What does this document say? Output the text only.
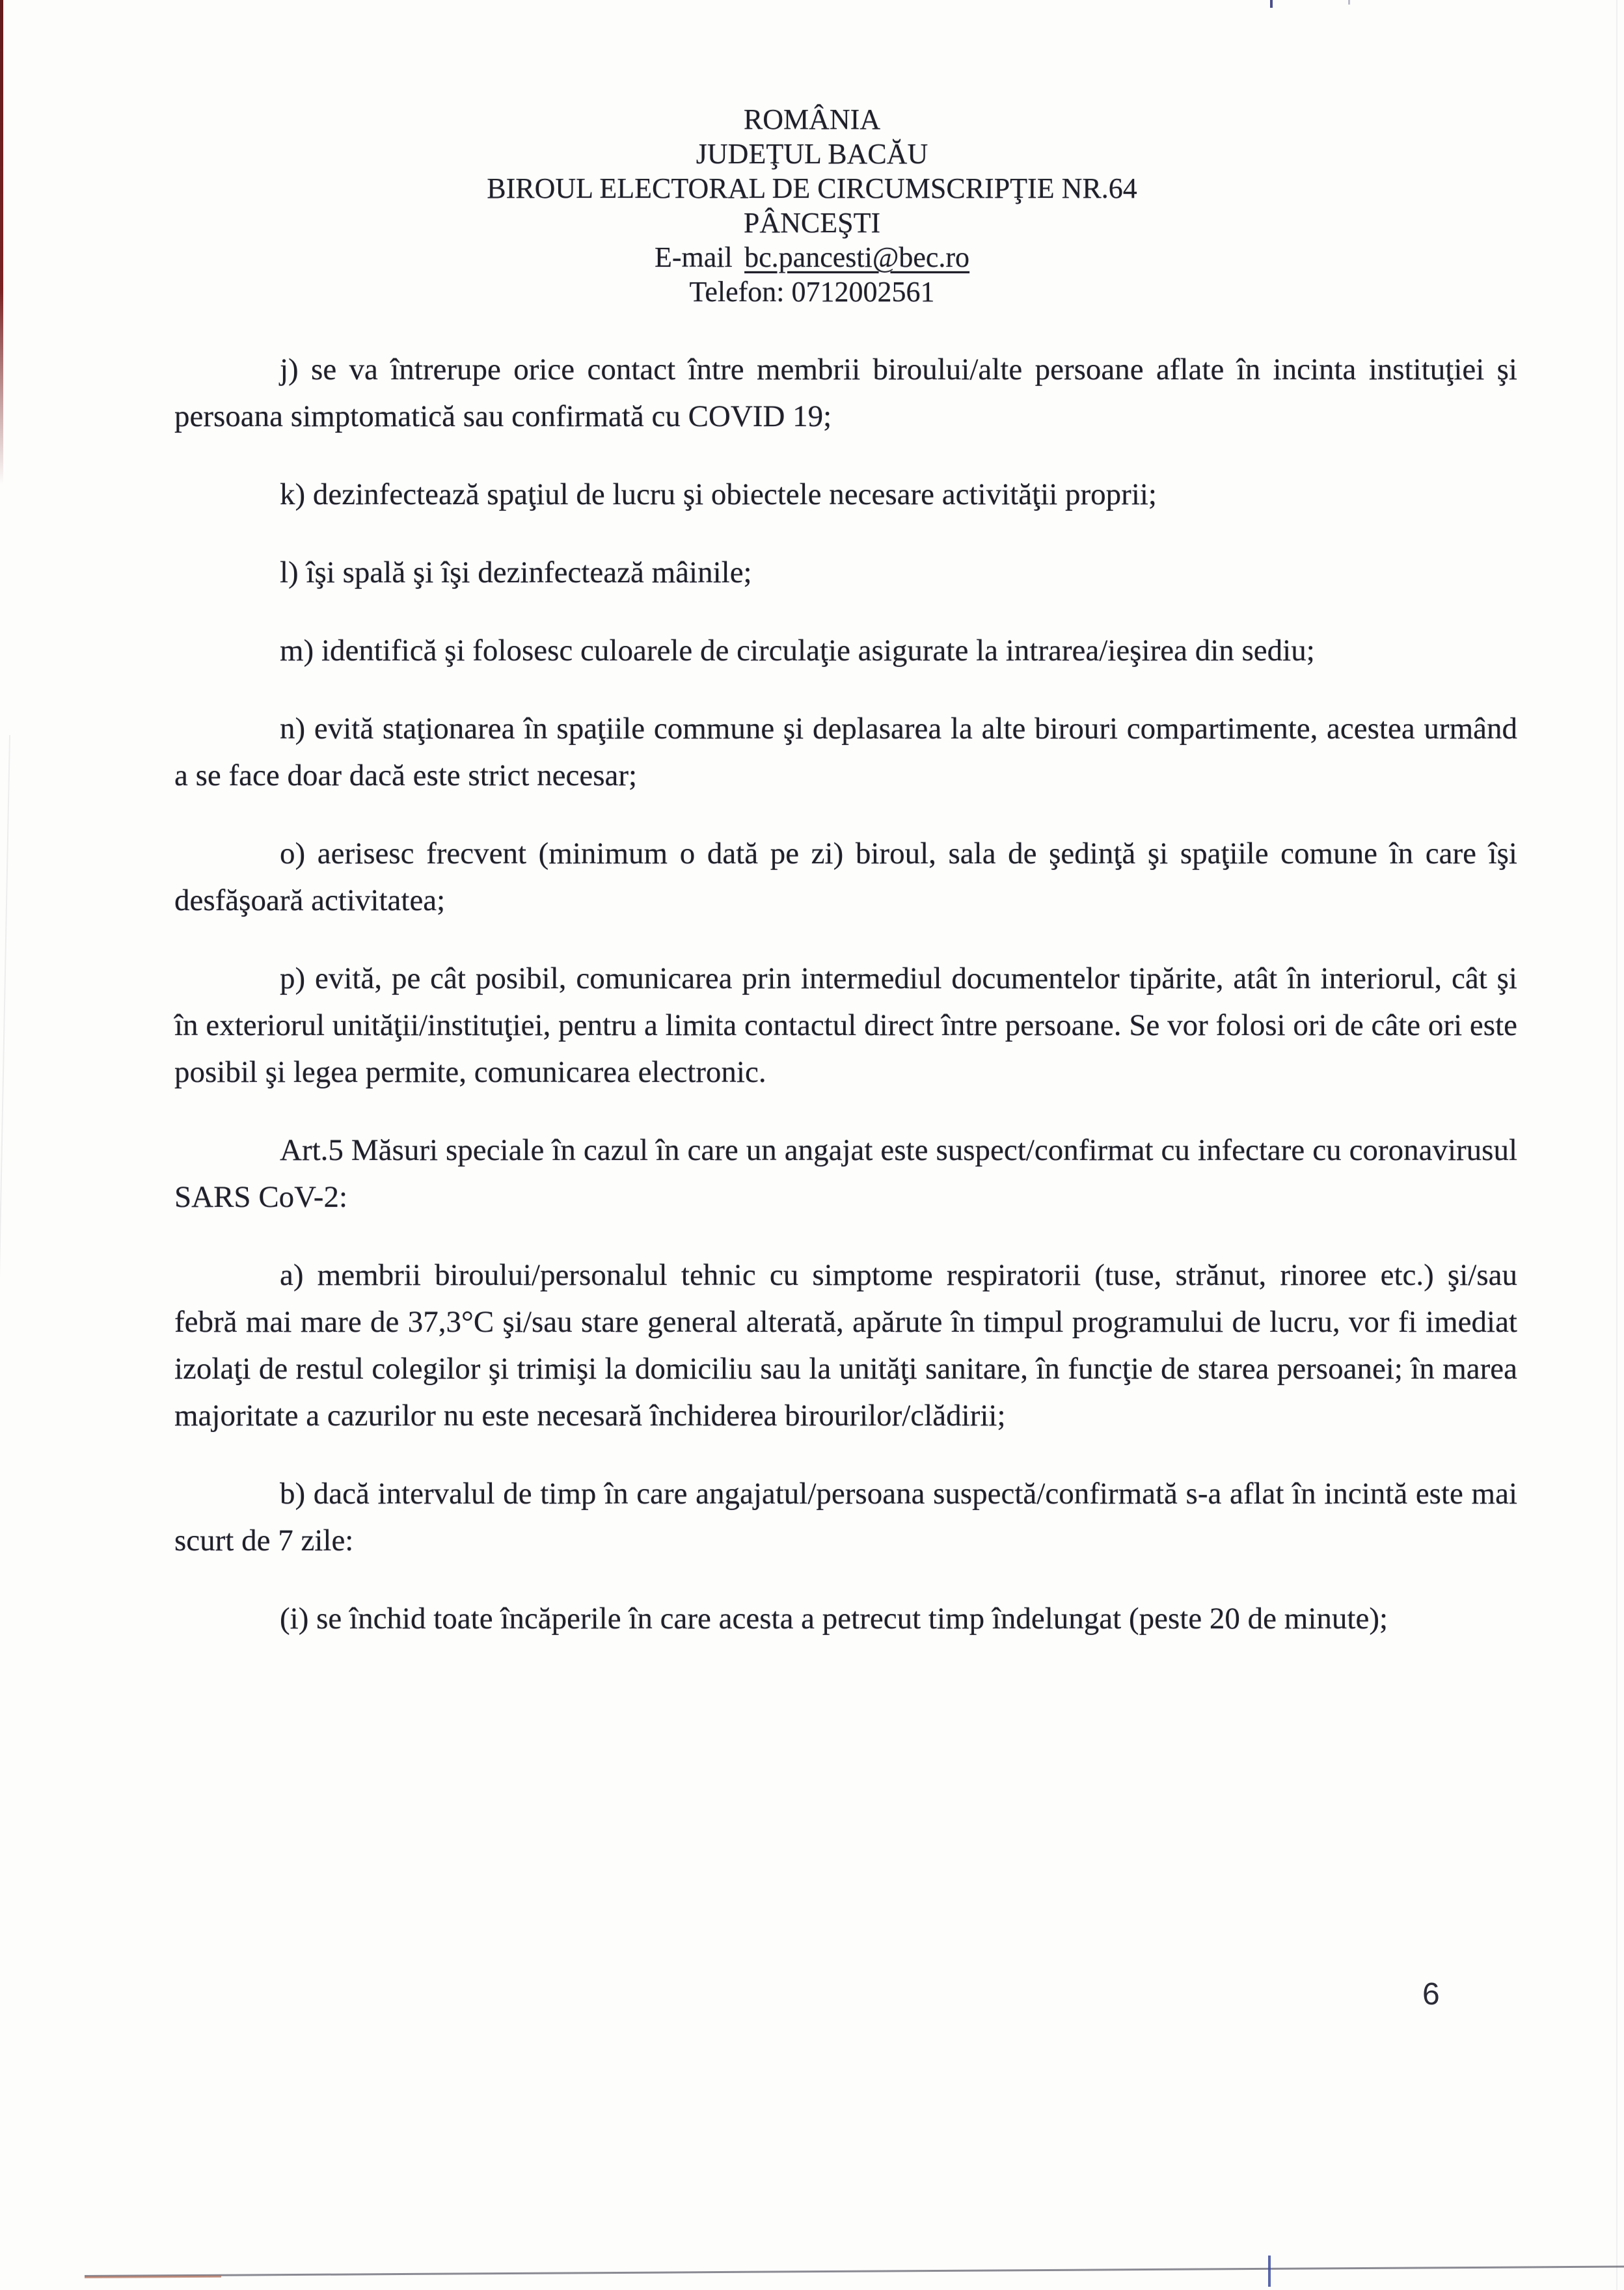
ROMÂNIA
JUDEŢUL BACĂU
BIROUL ELECTORAL DE CIRCUMSCRIPŢIE NR.64
PÂNCEŞTI
E-mail bc.pancesti@bec.ro
Telefon: 0712002561

j) se va întrerupe orice contact între membrii biroului/alte persoane aflate în incinta instituţiei şi persoana simptomatică sau confirmată cu COVID 19;

k) dezinfectează spaţiul de lucru şi obiectele necesare activităţii proprii;

l) îşi spală şi îşi dezinfectează mâinile;

m) identifică şi folosesc culoarele de circulaţie asigurate la intrarea/ieşirea din sediu;

n) evită staţionarea în spaţiile commune şi deplasarea la alte birouri compartimente, acestea urmând a se face doar dacă este strict necesar;

o) aerisesc frecvent (minimum o dată pe zi) biroul, sala de şedinţă şi spaţiile comune în care îşi desfăşoară activitatea;

p) evită, pe cât posibil, comunicarea prin intermediul documentelor tipărite, atât în interiorul, cât şi în exteriorul unităţii/instituţiei, pentru a limita contactul direct între persoane. Se vor folosi ori de câte ori este posibil şi legea permite, comunicarea electronic.

Art.5 Măsuri speciale în cazul în care un angajat este suspect/confirmat cu infectare cu coronavirusul SARS CoV-2:

a) membrii biroului/personalul tehnic cu simptome respiratorii (tuse, strănut, rinoree etc.) şi/sau febră mai mare de 37,3°C şi/sau stare general alterată, apărute în timpul programului de lucru, vor fi imediat izolaţi de restul colegilor şi trimişi la domiciliu sau la unităţi sanitare, în funcţie de starea persoanei; în marea majoritate a cazurilor nu este necesară închiderea birourilor/clădirii;

b) dacă intervalul de timp în care angajatul/persoana suspectă/confirmată s-a aflat în incintă este mai scurt de 7 zile:

(i) se închid toate încăperile în care acesta a petrecut timp îndelungat (peste 20 de minute);

6
